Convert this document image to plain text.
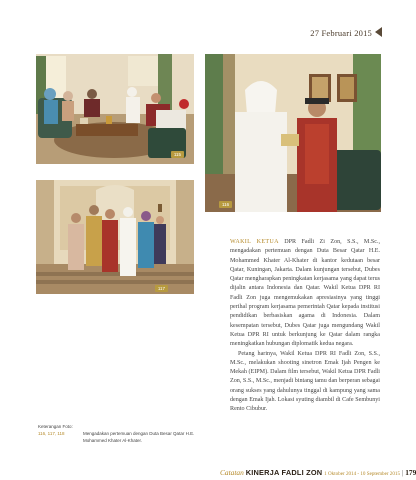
27 Februari 2015
115
116
117

WAKIL KETUA DPR Fadli Zi Zon, S.S., M.Sc., mengadakan pertemuan dengan Duta Besar Qatar H.E. Mohammed Khater Al-Khater di kantor kedutaan besar Qatar, Kuningan, Jakarta. Dalam kunjungan tersebut, Dubes Qatar mengharapkan peningkatan kerjasama yang dapat terus dijalin antara Indonesia dan Qatar. Wakil Ketua DPR RI Fadli Zon juga mengemukakan apresiasinya yang tinggi perihal program kerjasama pemerintah Qatar kepada institusi pendidikan berbasiskan agama di Indonesia. Dalam kesempatan tersebut, Dubes Qatar juga mengundang Wakil Ketua DPR RI untuk berkunjung ke Qatar dalam rangka meningkatkan hubungan diplomatik kedua negara.

Petang harinya, Wakil Ketua DPR RI Fadli Zon, S.S., M.Sc., melakukan shooting sinetron Emak Ijah Pengen ke Mekah (EIPM). Dalam film tersebut, Wakil Ketua DPR Fadli Zon, S.S., M.Sc., menjadi bintang tamu dan berperan sebagai orang sukses yang dahulunya tinggal di kampung yang sama dengan Emak Ijah. Lokasi syuting diambil di Cafe Sembunyi Rento Cibubur.

Keterangan Foto:
116, 117, 118	Mengadakan pertemuan dengan Duta Besar Qatar H.E. Mohammed Khater Al-Khater.
Catatan KINERJA FADLI ZON 1 Oktober 2014 - 10 September 2015 | 179
